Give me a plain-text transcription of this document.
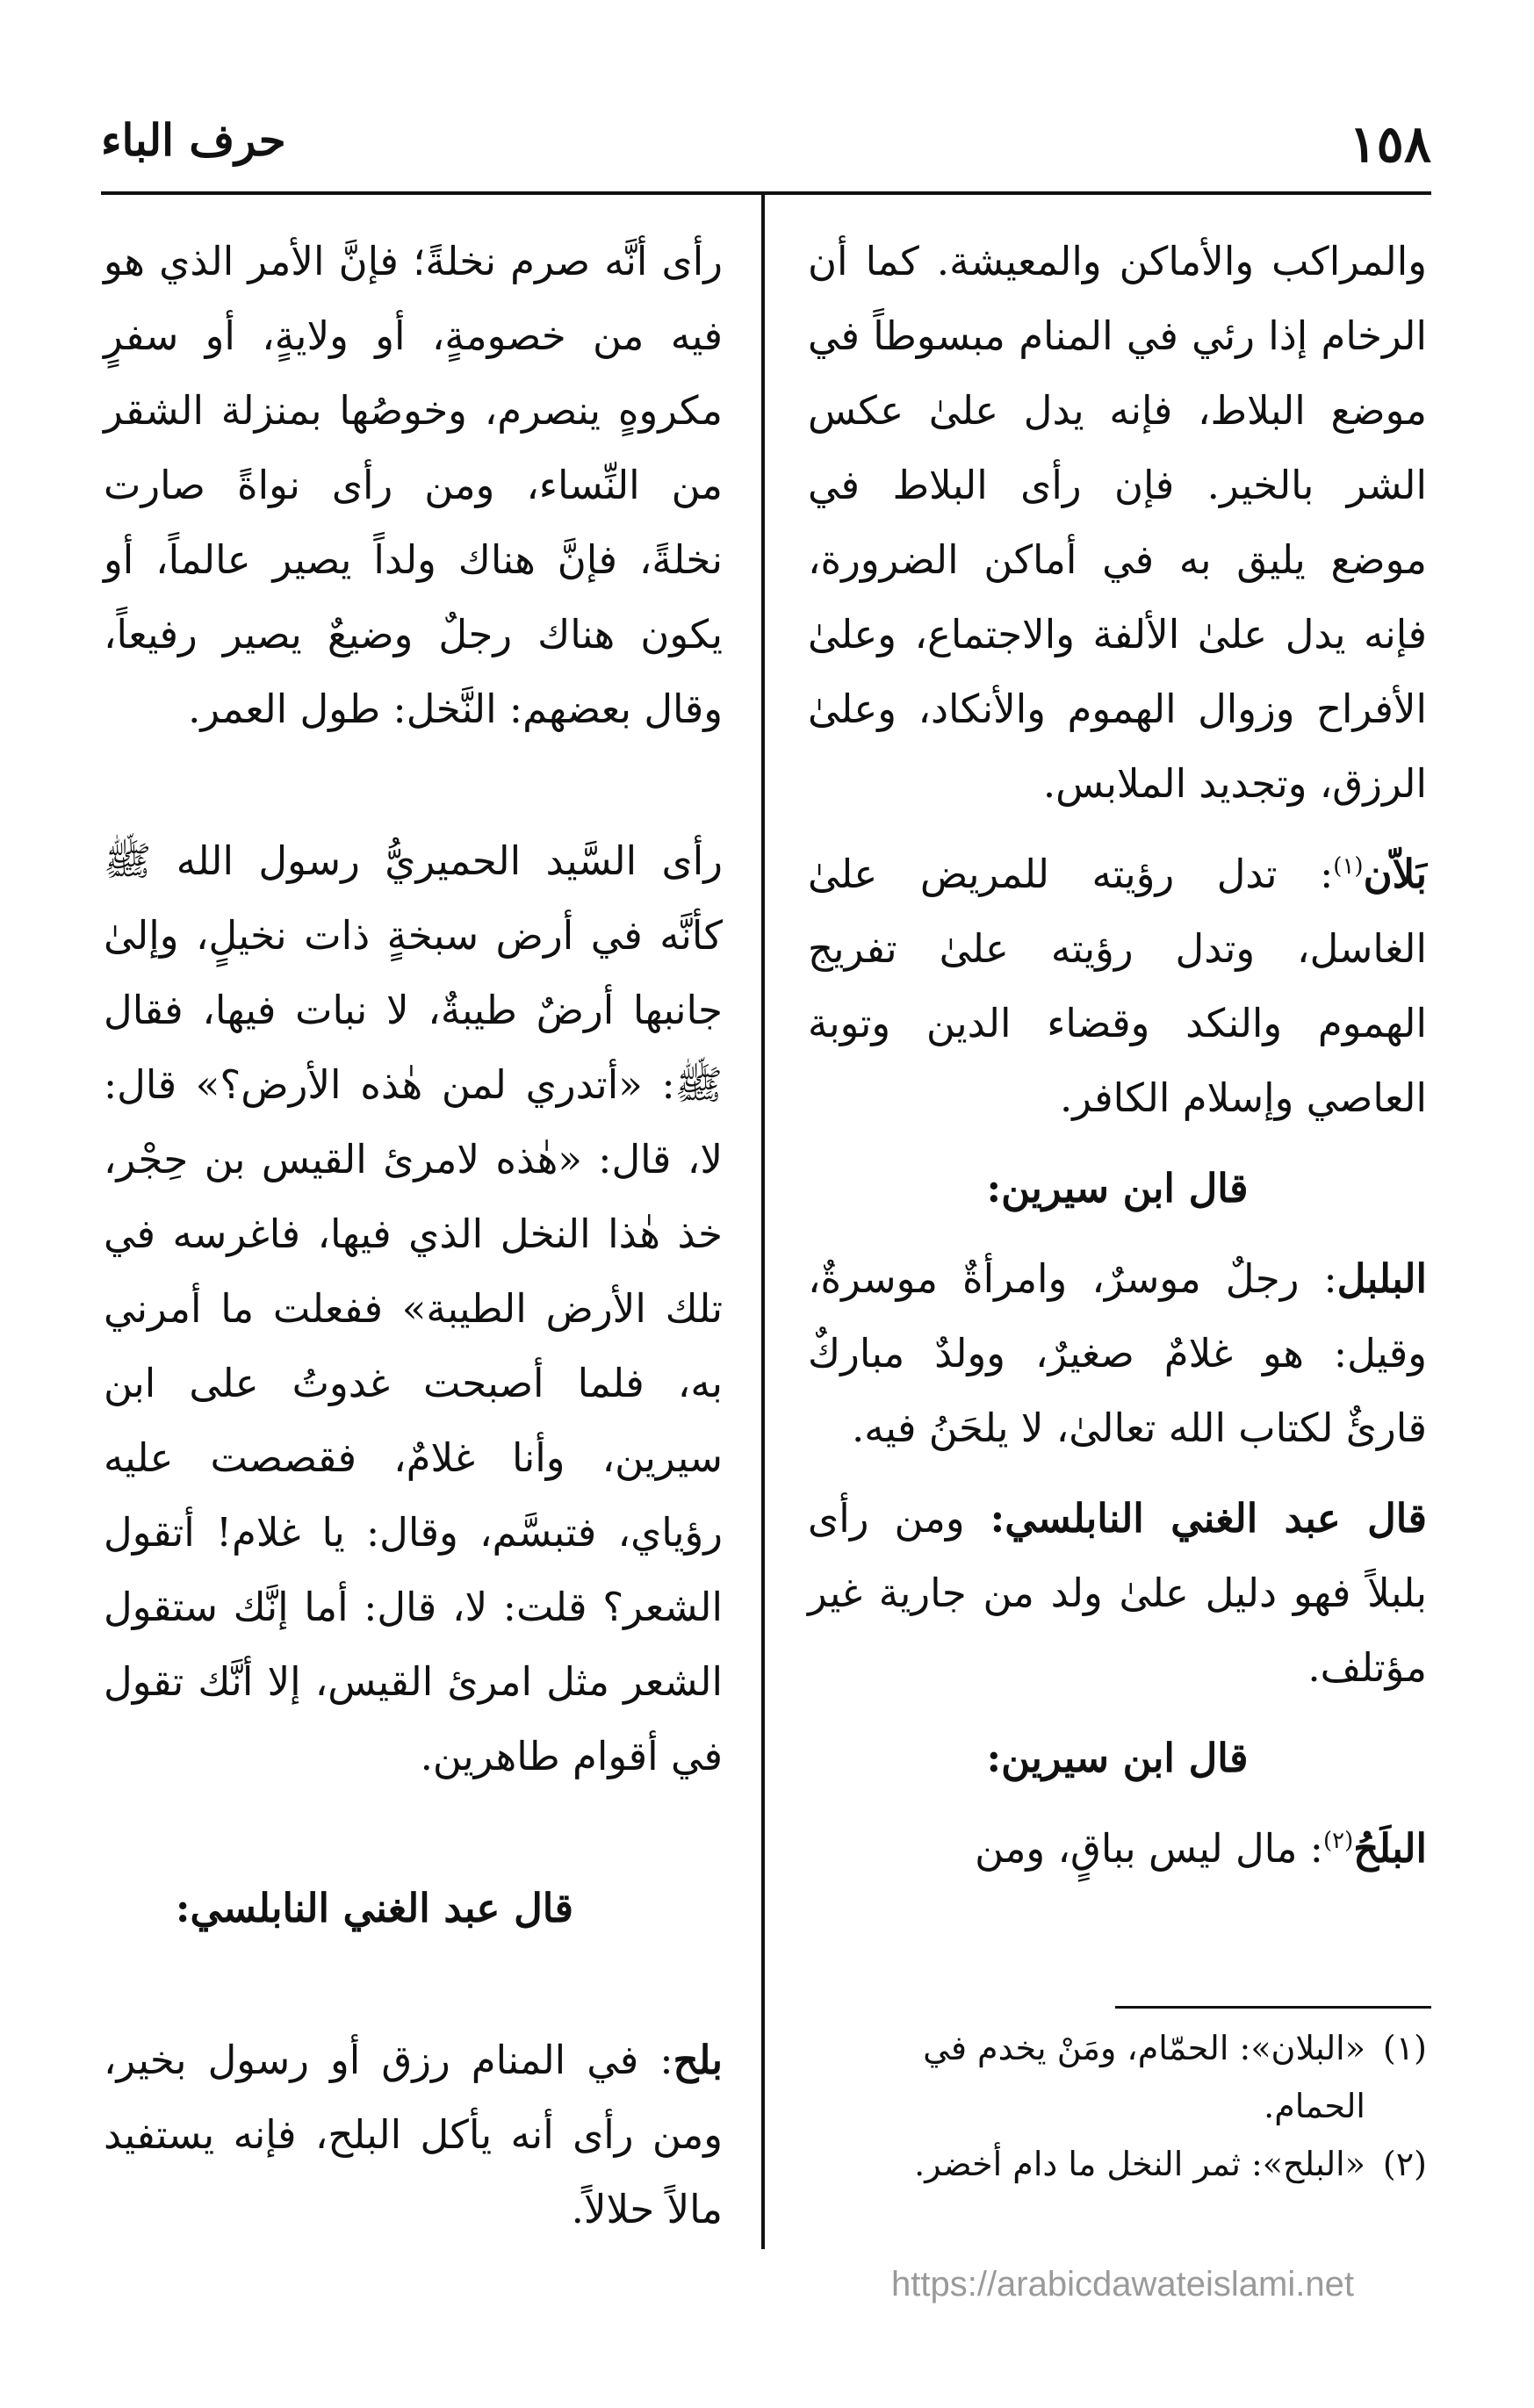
١٥٨
حرف الباء

والمراكب والأماكن والمعيشة. كما أن الرخام إذا رئي في المنام مبسوطاً في موضع البلاط، فإنه يدل علىٰ عكس الشر بالخير. فإن رأى البلاط في موضع يليق به في أماكن الضرورة، فإنه يدل علىٰ الألفة والاجتماع، وعلىٰ الأفراح وزوال الهموم والأنكاد، وعلىٰ الرزق، وتجديد الملابس.

بَلاّن$^{(١)}$: تدل رؤيته للمريض علىٰ الغاسل، وتدل رؤيته علىٰ تفريج الهموم والنكد وقضاء الدين وتوبة العاصي وإسلام الكافر.

قال ابن سيرين:

البلبل: رجلٌ موسرٌ، وامرأةٌ موسرةٌ، وقيل: هو غلامٌ صغيرٌ، وولدٌ مباركٌ قارئٌ لكتاب الله تعالىٰ، لا يلحَنُ فيه.

قال عبد الغني النابلسي: ومن رأى بلبلاً فهو دليل علىٰ ولد من جارية غير مؤتلف.

قال ابن سيرين:

البلَحُ$^{(٢)}$: مال ليس بباقٍ، ومن

رأى أنَّه صرم نخلةً؛ فإنَّ الأمر الذي هو فيه من خصومةٍ، أو ولايةٍ، أو سفرٍ مكروهٍ ينصرم، وخوصُها بمنزلة الشقر من النِّساء، ومن رأى نواةً صارت نخلةً، فإنَّ هناك ولداً يصير عالماً، أو يكون هناك رجلٌ وضيعٌ يصير رفيعاً، وقال بعضهم: النَّخل: طول العمر.

رأى السَّيد الحميريُّ رسول الله ﷺ كأنَّه في أرض سبخةٍ ذات نخيلٍ، وإلىٰ جانبها أرضٌ طيبةٌ، لا نبات فيها، فقال ﷺ: «أتدري لمن هٰذه الأرض؟» قال: لا، قال: «هٰذه لامرئ القيس بن حِجْر، خذ هٰذا النخل الذي فيها، فاغرسه في تلك الأرض الطيبة» ففعلت ما أمرني به، فلما أصبحت غدوتُ على ابن سيرين، وأنا غلامٌ، فقصصت عليه رؤياي، فتبسَّم، وقال: يا غلام! أتقول الشعر؟ قلت: لا، قال: أما إنَّك ستقول الشعر مثل امرئ القيس، إلا أنَّك تقول في أقوام طاهرين.

قال عبد الغني النابلسي:

بلح: في المنام رزق أو رسول بخير، ومن رأى أنه يأكل البلح، فإنه يستفيد مالاً حلالاً.

(١)«البلان»: الحمّام، ومَنْ يخدم في

الحمام.

(٢)«البلح»: ثمر النخل ما دام أخضر.

https://arabicdawateislami.net
